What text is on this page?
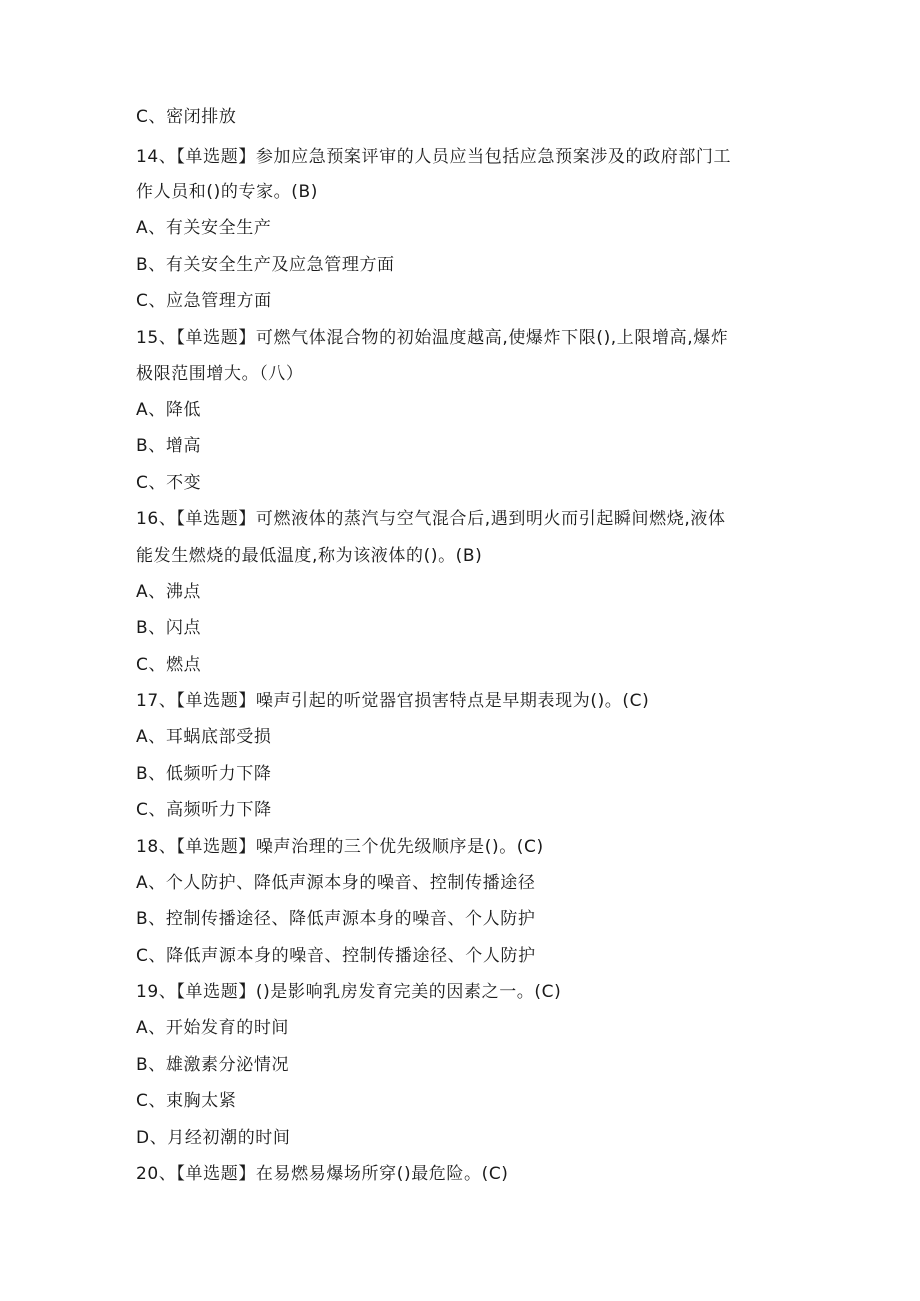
C、密闭排放
14、【单选题】参加应急预案评审的人员应当包括应急预案涉及的政府部门工
作人员和()的专家。(B)
A、有关安全生产
B、有关安全生产及应急管理方面
C、应急管理方面
15、【单选题】可燃气体混合物的初始温度越高,使爆炸下限(),上限增高,爆炸
极限范围增大。（八）
A、降低
B、增高
C、不变
16、【单选题】可燃液体的蒸汽与空气混合后,遇到明火而引起瞬间燃烧,液体
能发生燃烧的最低温度,称为该液体的()。(B)
A、沸点
B、闪点
C、燃点
17、【单选题】噪声引起的听觉器官损害特点是早期表现为()。(C)
A、耳蜗底部受损
B、低频听力下降
C、高频听力下降
18、【单选题】噪声治理的三个优先级顺序是()。(C)
A、个人防护、降低声源本身的噪音、控制传播途径
B、控制传播途径、降低声源本身的噪音、个人防护
C、降低声源本身的噪音、控制传播途径、个人防护
19、【单选题】()是影响乳房发育完美的因素之一。(C)
A、开始发育的时间
B、雄激素分泌情况
C、束胸太紧
D、月经初潮的时间
20、【单选题】在易燃易爆场所穿()最危险。(C)
